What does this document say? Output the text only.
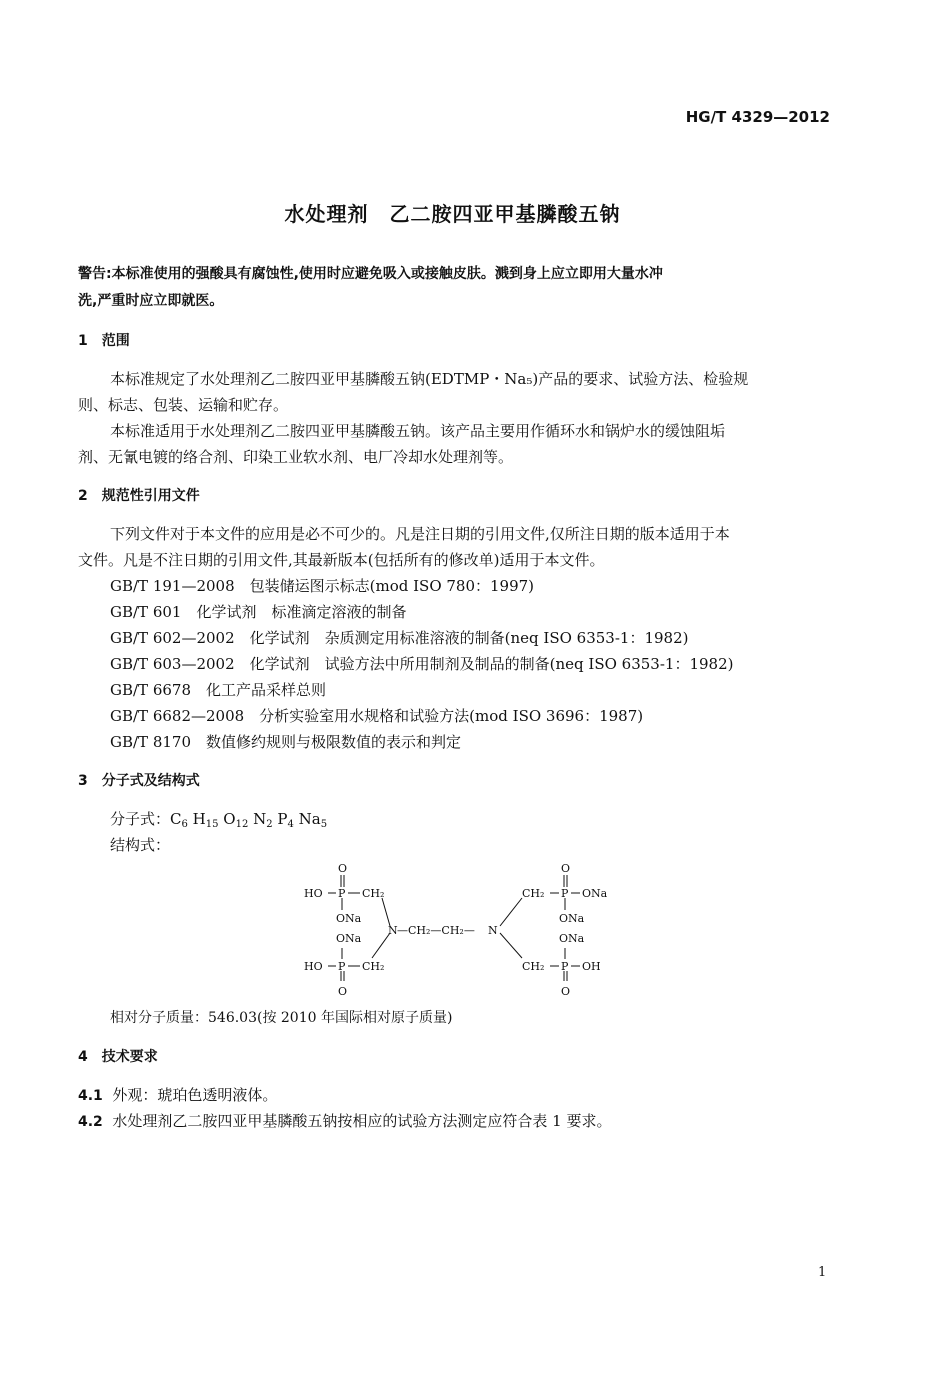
HG/T 4329—2012
水处理剂　乙二胺四亚甲基膦酸五钠
警告:本标准使用的强酸具有腐蚀性,使用时应避免吸入或接触皮肤。溅到身上应立即用大量水冲
洗,严重时应立即就医。
1　范围
本标准规定了水处理剂乙二胺四亚甲基膦酸五钠(EDTMP・Na₅)产品的要求、试验方法、检验规
则、标志、包装、运输和贮存。
本标准适用于水处理剂乙二胺四亚甲基膦酸五钠。该产品主要用作循环水和锅炉水的缓蚀阻垢
剂、无氰电镀的络合剂、印染工业软水剂、电厂冷却水处理剂等。
2　规范性引用文件
下列文件对于本文件的应用是必不可少的。凡是注日期的引用文件,仅所注日期的版本适用于本
文件。凡是不注日期的引用文件,其最新版本(包括所有的修改单)适用于本文件。
GB/T 191—2008　包装储运图示标志(mod ISO 780：1997)
GB/T 601　化学试剂　标准滴定溶液的制备
GB/T 602—2002　化学试剂　杂质测定用标准溶液的制备(neq ISO 6353-1：1982)
GB/T 603—2002　化学试剂　试验方法中所用制剂及制品的制备(neq ISO 6353-1：1982)
GB/T 6678　化工产品采样总则
GB/T 6682—2008　分析实验室用水规格和试验方法(mod ISO 3696：1987)
GB/T 8170　数值修约规则与极限数值的表示和判定
3　分子式及结构式
分子式：$C_6$ $H_{15}$ $O_{12}$ $N_2$ $P_4$ $Na_5$
结构式：
O
HO P CH₂
ONa
ONa
HO P CH₂
O
N —CH₂—CH₂— N
O
CH₂ P ONa
ONa
ONa
CH₂ P OH
O
相对分子质量：546.03(按 2010 年国际相对原子质量)
4　技术要求
4.1 外观：琥珀色透明液体。
4.2 水处理剂乙二胺四亚甲基膦酸五钠按相应的试验方法测定应符合表 1 要求。
1
